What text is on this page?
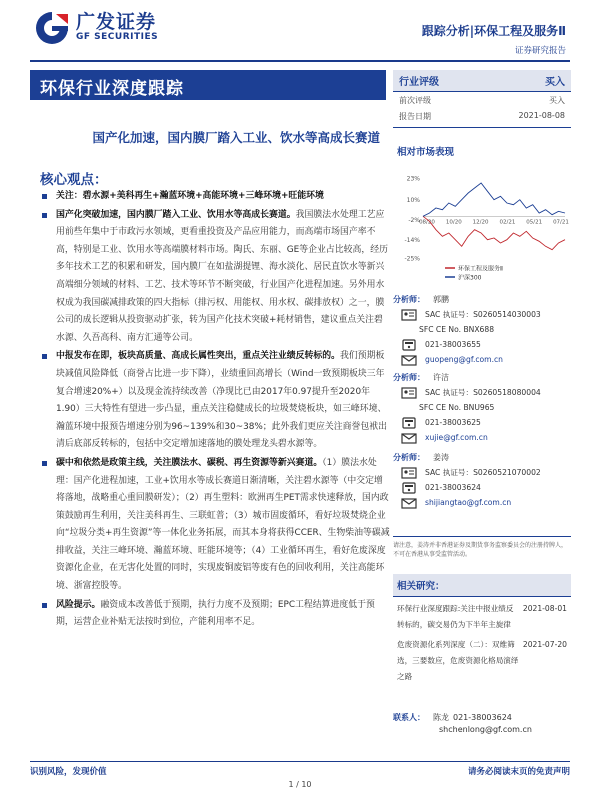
广发证券
GF SECURITIES	跟踪分析|环保工程及服务Ⅱ
证券研究报告
环保行业深度跟踪
国产化加速，国内膜厂踏入工业、饮水等高成长赛道
核心观点：
关注：碧水源+美科再生+瀚蓝环境+高能环境+三峰环境+旺能环境
国产化突破加速，国内膜厂踏入工业、饮用水等高成长赛道。我国膜法水处理工艺应用前些年集中于市政污水领域，更看重投资及产品应用能力，而高端市场国产率不高，特别是工业、饮用水等高端膜材料市场。陶氏、东丽、GE等企业占比较高，经历多年技术工艺的积累和研发，国内膜厂在如盐湖提锂、海水淡化、居民直饮水等新兴高端细分领域的材料、工艺、技术等环节不断突破，行业国产化进程加速。另外用水权成为我国碳减排政策的四大指标（排污权、用能权、用水权、碳排放权）之一，膜公司的成长逻辑从投资驱动扩张，转为国产化技术突破+耗材销售，建议重点关注碧水源、久吾高科、南方汇通等公司。
中报发布在即，板块高质量、高成长属性突出，重点关注业绩反转标的。我们预期板块减值风险降低（商誉占比进一步下降），业绩重回高增长（Wind一致预期板块三年复合增速20%+）以及现金流持续改善（净现比已由2017年0.97提升至2020年1.90）三大特性有望进一步凸显，重点关注稳健成长的垃圾焚烧板块，如三峰环境、瀚蓝环境中报预告增速分别为96~139%和30~38%；此外我们更应关注商誉包袱出清后底部反转标的，包括中交定增加速落地的膜处理龙头碧水源等。
碳中和依然是政策主线，关注膜法水、碳税、再生资源等新兴赛道。（1）膜法水处理：国产化进程加速，工业+饮用水等成长赛道日渐清晰，关注碧水源等（中交定增将落地，战略重心重回膜研发）；（2）再生塑料：欧洲再生PET需求快速释放，国内政策鼓励再生利用，关注美科再生、三联虹普；（3）城市固废循环，看好垃圾焚烧企业向“垃圾分类+再生资源”等一体化业务拓展，而其本身将获得CCER、生物柴油等碳减排收益，关注三峰环境、瀚蓝环境、旺能环境等；（4）工业循环再生，看好危废深度资源化企业，在无害化处置的同时，实现废铜废铝等废有色的回收利用，关注高能环境、浙富控股等。
风险提示。融资成本改善低于预期，执行力度不及预期；EPC工程结算进度低于预期，运营企业补贴无法按时到位，产能利用率不足。
行业评级	买入
前次评级	买入
报告日期	2021-08-08
相对市场表现
23%
10%
-2%
-14%
-25%
08/20 10/20 12/20 02/21 05/21 07/21
环保工程及服务Ⅱ
沪深300
分析师：	郭鹏
SAC 执证号：S0260514030003
SFC CE No. BNX688
021-38003655
guopeng@gf.com.cn
分析师：	许洁
SAC 执证号：S0260518080004
SFC CE No. BNU965
021-38003625
xujie@gf.com.cn
分析师：	姜涛
SAC 执证号：S0260521070002
021-38003624
shijiangtao@gf.com.cn
请注意，姜涛并非香港证券及期货事务监察委员会的注册持牌人，不可在香港从事受监管活动。
相关研究：
环保行业深度跟踪:关注中报业绩反转标的，碳交易仍为下半年主旋律
2021-08-01
危废资源化系列深度（二）：双维筛选，三要数应，危废资源化格局演绎之路
2021-07-20
联系人：	陈龙 021-38003624
shchenlong@gf.com.cn
识别风险，发现价值	请务必阅读末页的免责声明
1 / 10
